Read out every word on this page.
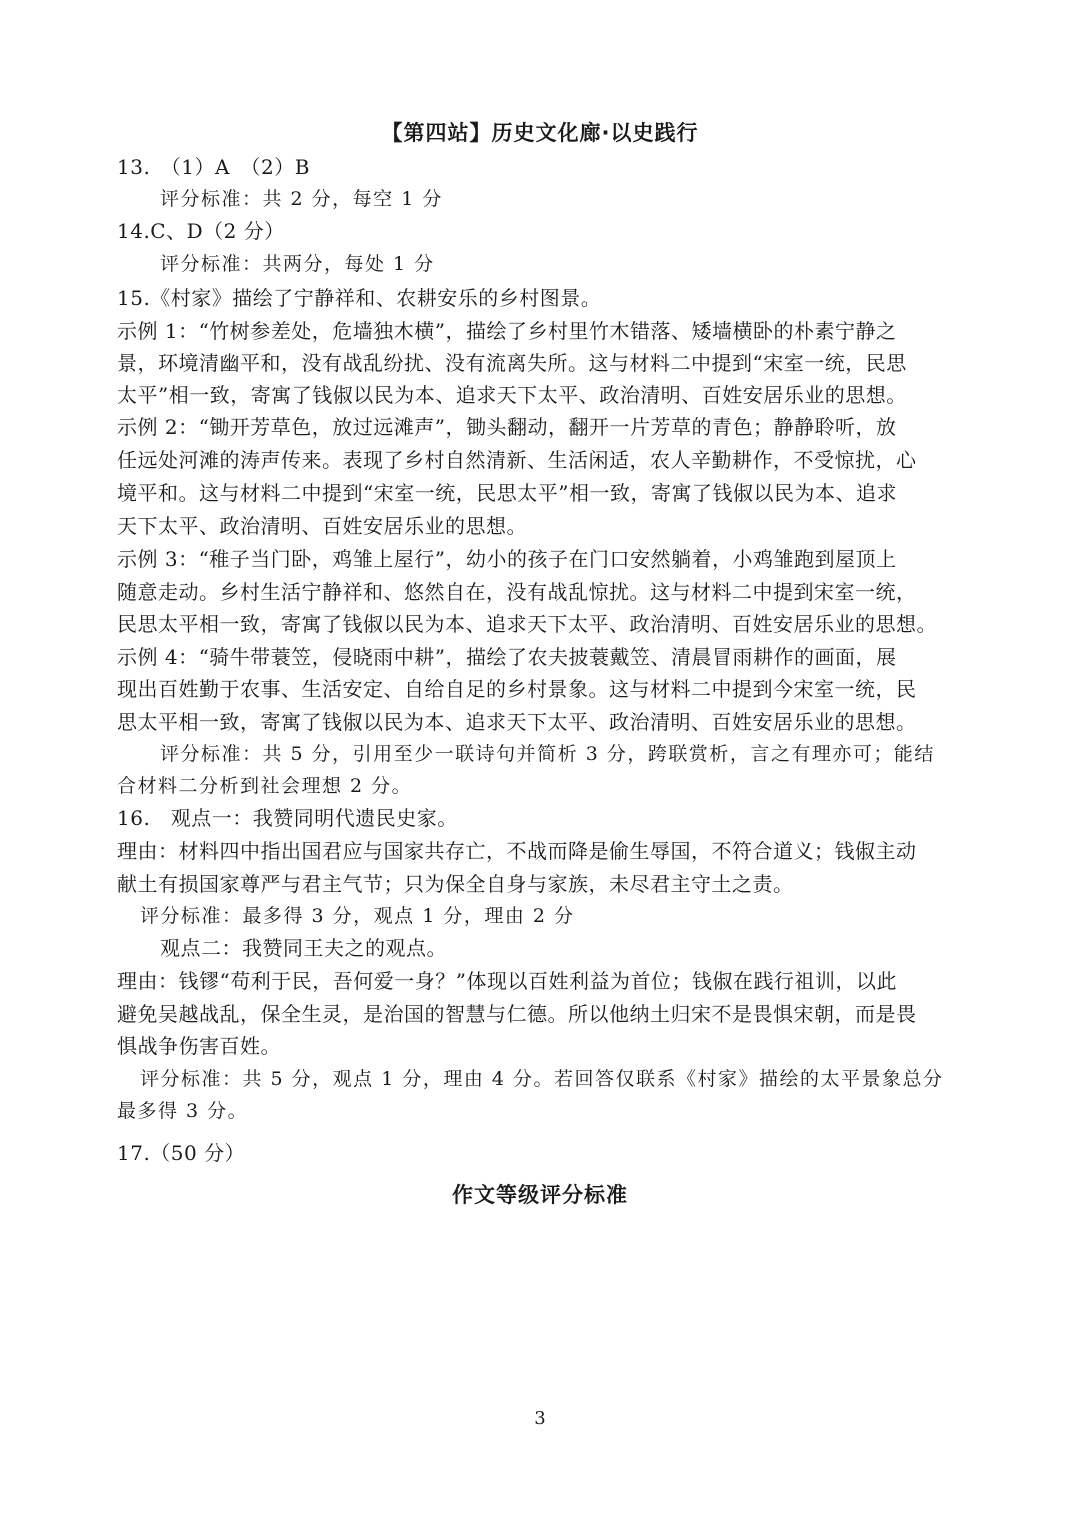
【第四站】历史文化廊·以史践行
13.　（1）A　（2）B
评分标准：共 2 分，每空 1 分
14.C、D（2 分）
评分标准：共两分，每处 1 分
15.《村家》描绘了宁静祥和、农耕安乐的乡村图景。
示例 1：“竹树参差处，危墙独木横”，描绘了乡村里竹木错落、矮墙横卧的朴素宁静之
景，环境清幽平和，没有战乱纷扰、没有流离失所。这与材料二中提到“宋室一统，民思
太平”相一致，寄寓了钱俶以民为本、追求天下太平、政治清明、百姓安居乐业的思想。
示例 2：“锄开芳草色，放过远滩声”，锄头翻动，翻开一片芳草的青色；静静聆听，放
任远处河滩的涛声传来。表现了乡村自然清新、生活闲适，农人辛勤耕作，不受惊扰，心
境平和。这与材料二中提到“宋室一统，民思太平”相一致，寄寓了钱俶以民为本、追求
天下太平、政治清明、百姓安居乐业的思想。
示例 3：“稚子当门卧，鸡雏上屋行”，幼小的孩子在门口安然躺着，小鸡雏跑到屋顶上
随意走动。乡村生活宁静祥和、悠然自在，没有战乱惊扰。这与材料二中提到宋室一统，
民思太平相一致，寄寓了钱俶以民为本、追求天下太平、政治清明、百姓安居乐业的思想。
示例 4：“骑牛带蓑笠，侵晓雨中耕”，描绘了农夫披蓑戴笠、清晨冒雨耕作的画面，展
现出百姓勤于农事、生活安定、自给自足的乡村景象。这与材料二中提到今宋室一统，民
思太平相一致，寄寓了钱俶以民为本、追求天下太平、政治清明、百姓安居乐业的思想。
评分标准：共 5 分，引用至少一联诗句并简析 3 分，跨联赏析，言之有理亦可；能结
合材料二分析到社会理想 2 分。
16.　观点一：我赞同明代遗民史家。
理由：材料四中指出国君应与国家共存亡，不战而降是偷生辱国，不符合道义；钱俶主动
献土有损国家尊严与君主气节；只为保全自身与家族，未尽君主守土之责。
评分标准：最多得 3 分，观点 1 分，理由 2 分
观点二：我赞同王夫之的观点。
理由：钱镠“苟利于民，吾何爱一身？”体现以百姓利益为首位；钱俶在践行祖训，以此
避免吴越战乱，保全生灵，是治国的智慧与仁德。所以他纳土归宋不是畏惧宋朝，而是畏
惧战争伤害百姓。
评分标准：共 5 分，观点 1 分，理由 4 分。若回答仅联系《村家》描绘的太平景象总分
最多得 3 分。
17.（50 分）
作文等级评分标准
3
